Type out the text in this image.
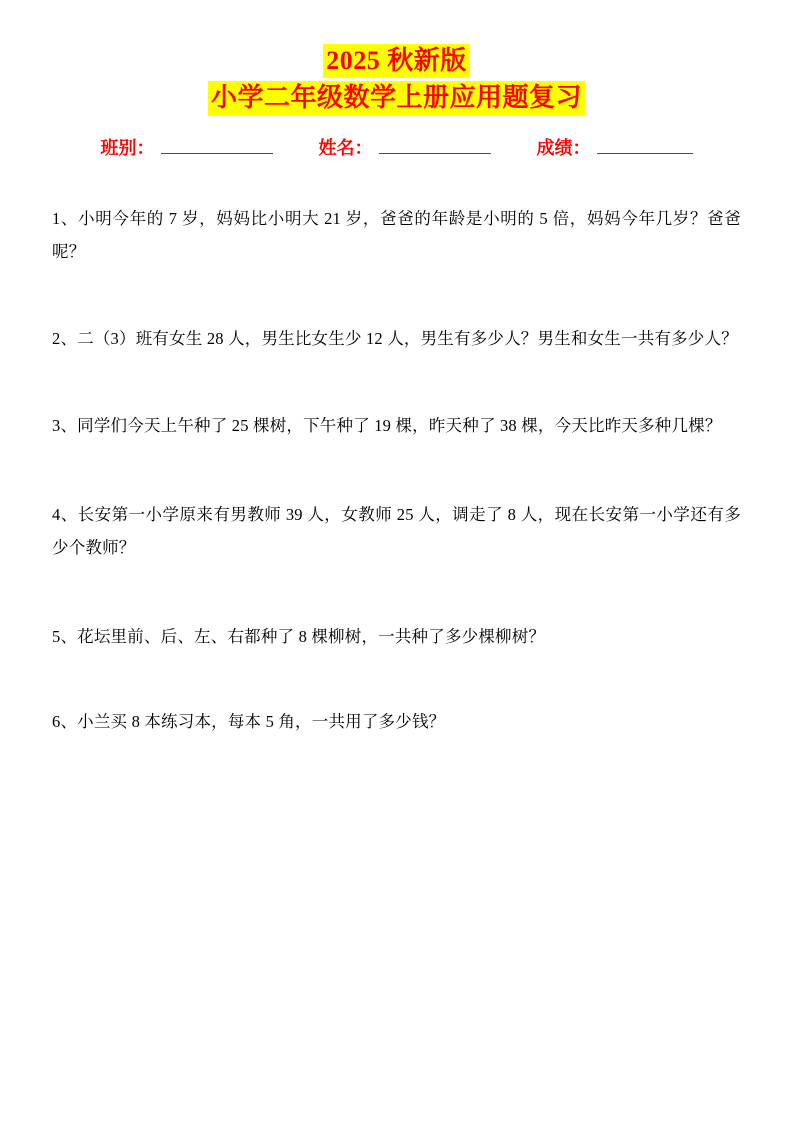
2025 秋新版
小学二年级数学上册应用题复习
班别：	姓名：	成绩：

1、小明今年的 7 岁，妈妈比小明大 21 岁，爸爸的年龄是小明的 5 倍，妈妈今年几岁？爸爸呢？

2、二（3）班有女生 28 人，男生比女生少 12 人，男生有多少人？男生和女生一共有多少人？

3、同学们今天上午种了 25 棵树，下午种了 19 棵，昨天种了 38 棵，今天比昨天多种几棵？

4、长安第一小学原来有男教师 39 人，女教师 25 人，调走了 8 人，现在长安第一小学还有多少个教师？

5、花坛里前、后、左、右都种了 8 棵柳树，一共种了多少棵柳树？

6、小兰买 8 本练习本，每本 5 角，一共用了多少钱？
